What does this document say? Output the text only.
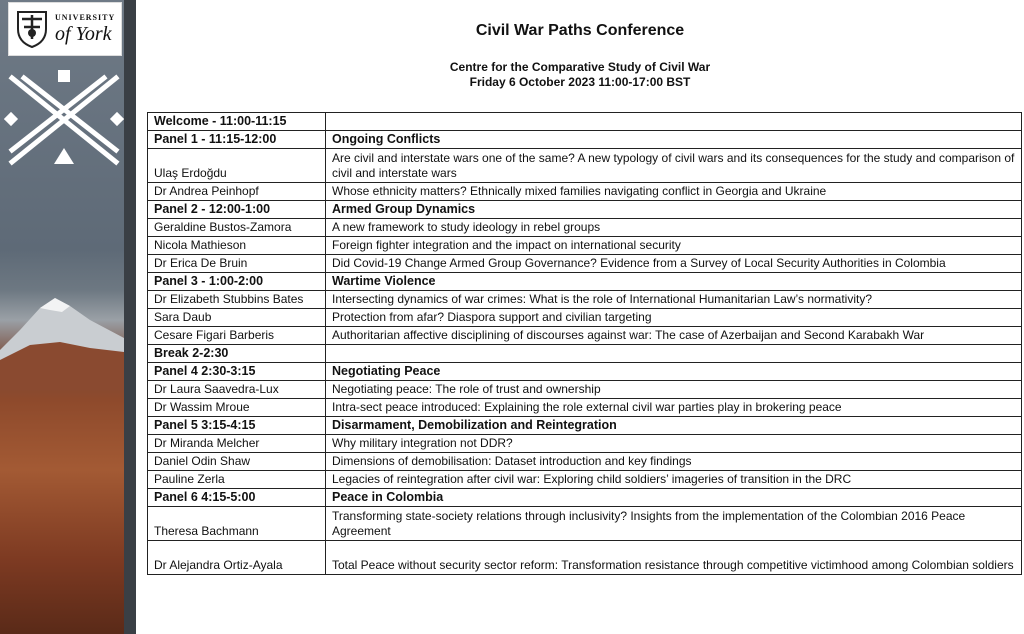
UNIVERSITY
of York	Civil War Paths Conference
Centre for the Comparative Study of Civil War
Friday 6 October 2023 11:00-17:00 BST
Welcome - 11:00-11:15	
Panel 1 - 11:15-12:00	Ongoing Conflicts
Ulaş Erdoğdu	Are civil and interstate wars one of the same? A new typology of civil wars and its consequences for the study and comparison of civil and interstate wars
Dr Andrea Peinhopf	Whose ethnicity matters? Ethnically mixed families navigating conflict in Georgia and Ukraine
Panel 2 - 12:00-1:00	Armed Group Dynamics
Geraldine Bustos-Zamora	A new framework to study ideology in rebel groups
Nicola Mathieson	Foreign fighter integration and the impact on international security
Dr Erica De Bruin	Did Covid-19 Change Armed Group Governance? Evidence from a Survey of Local Security Authorities in Colombia
Panel 3 - 1:00-2:00	Wartime Violence
Dr Elizabeth Stubbins Bates	Intersecting dynamics of war crimes: What is the role of International Humanitarian Law’s normativity?
Sara Daub	Protection from afar? Diaspora support and civilian targeting
Cesare Figari Barberis	Authoritarian affective disciplining of discourses against war: The case of Azerbaijan and Second Karabakh War
Break 2-2:30	
Panel 4 2:30-3:15	Negotiating Peace
Dr Laura Saavedra-Lux	Negotiating peace: The role of trust and ownership
Dr Wassim Mroue	Intra-sect peace introduced: Explaining the role external civil war parties play in brokering peace
Panel 5 3:15-4:15	Disarmament, Demobilization and Reintegration
Dr Miranda Melcher	Why military integration not DDR?
Daniel Odin Shaw	Dimensions of demobilisation: Dataset introduction and key findings
Pauline Zerla	Legacies of reintegration after civil war: Exploring child soldiers’ imageries of transition in the DRC
Panel 6 4:15-5:00	Peace in Colombia
Theresa Bachmann	Transforming state-society relations through inclusivity? Insights from the implementation of the Colombian 2016 Peace Agreement
Dr Alejandra Ortiz-Ayala	Total Peace without security sector reform: Transformation resistance through competitive victimhood among Colombian soldiers
